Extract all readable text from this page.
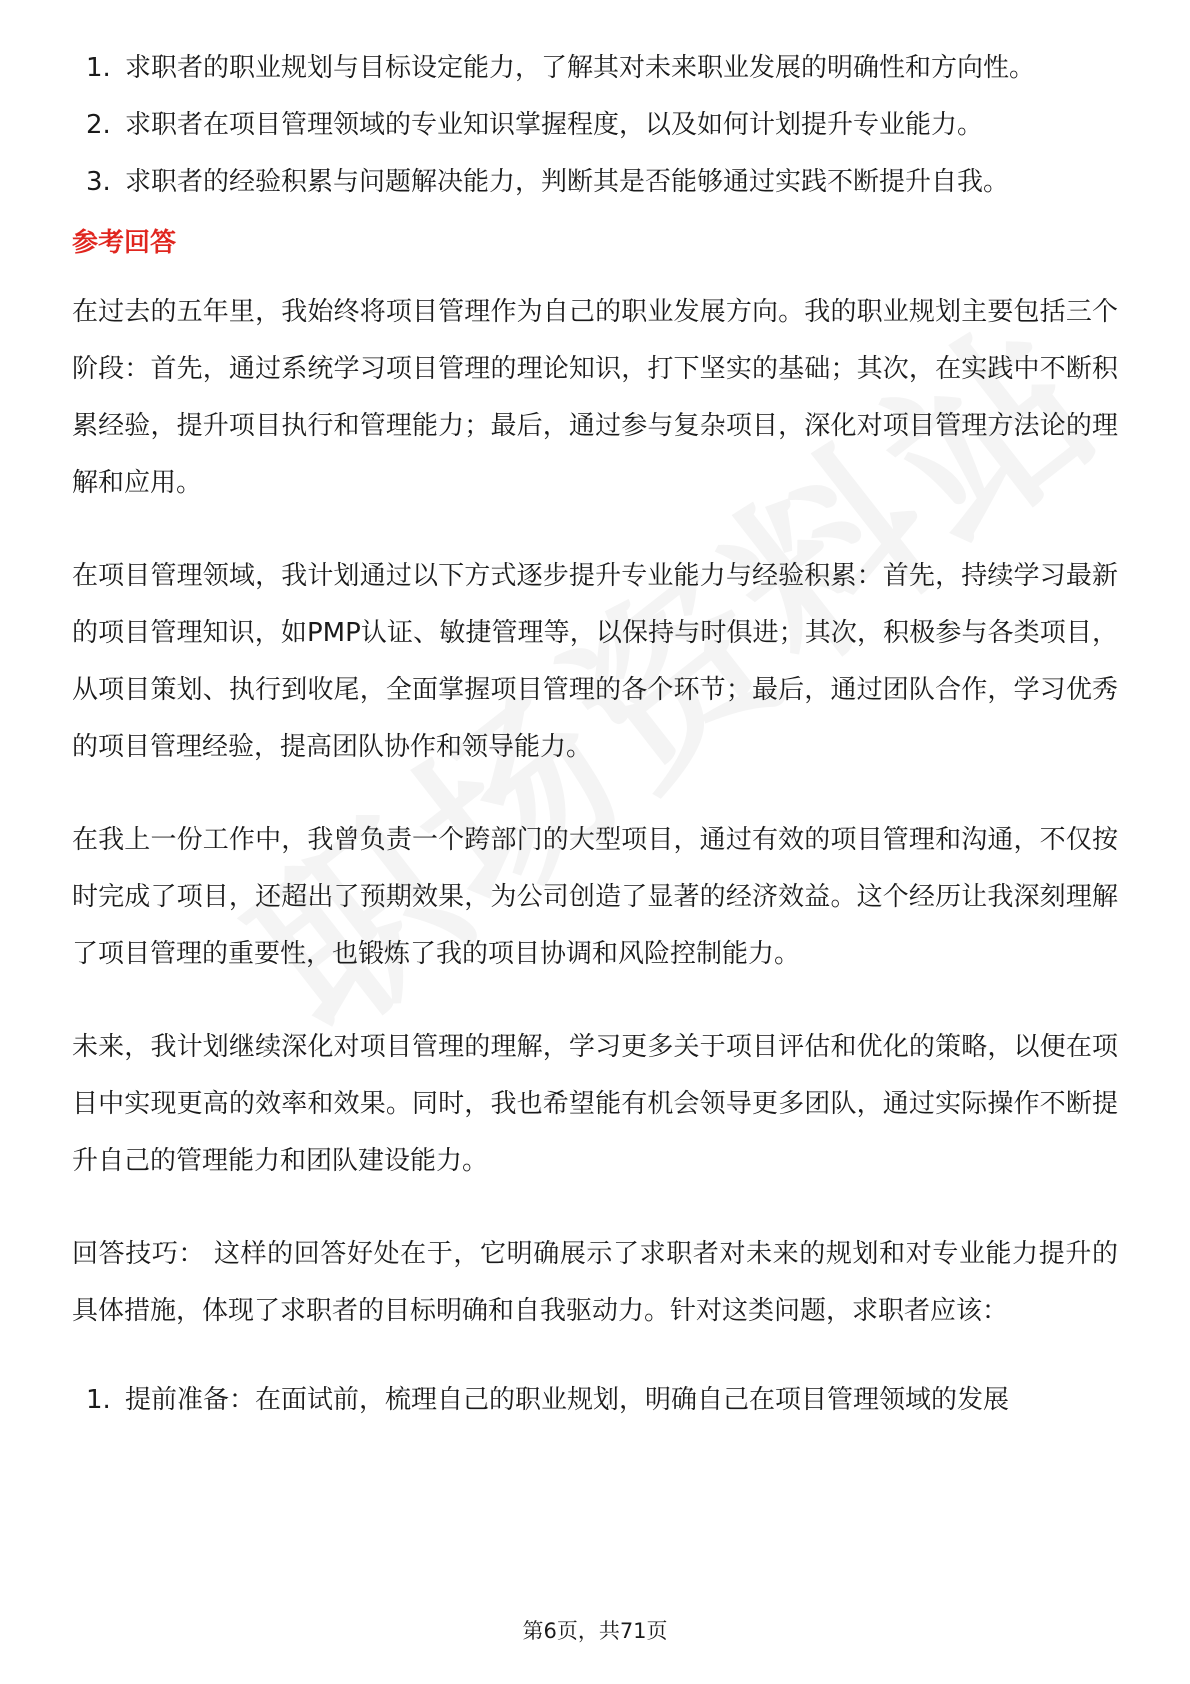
1. 求职者的职业规划与目标设定能力，了解其对未来职业发展的明确性和方向性。
2. 求职者在项目管理领域的专业知识掌握程度，以及如何计划提升专业能力。
3. 求职者的经验积累与问题解决能力，判断其是否能够通过实践不断提升自我。
参考回答

在过去的五年里，我始终将项目管理作为自己的职业发展方向。我的职业规划主要包括三个阶段：首先，通过系统学习项目管理的理论知识，打下坚实的基础；其次，在实践中不断积累经验，提升项目执行和管理能力；最后，通过参与复杂项目，深化对项目管理方法论的理解和应用。

在项目管理领域，我计划通过以下方式逐步提升专业能力与经验积累：首先，持续学习最新的项目管理知识，如PMP认证、敏捷管理等，以保持与时俱进；其次，积极参与各类项目，从项目策划、执行到收尾，全面掌握项目管理的各个环节；最后，通过团队合作，学习优秀的项目管理经验，提高团队协作和领导能力。

在我上一份工作中，我曾负责一个跨部门的大型项目，通过有效的项目管理和沟通，不仅按时完成了项目，还超出了预期效果，为公司创造了显著的经济效益。这个经历让我深刻理解了项目管理的重要性，也锻炼了我的项目协调和风险控制能力。

未来，我计划继续深化对项目管理的理解，学习更多关于项目评估和优化的策略，以便在项目中实现更高的效率和效果。同时，我也希望能有机会领导更多团队，通过实际操作不断提升自己的管理能力和团队建设能力。

回答技巧： 这样的回答好处在于，它明确展示了求职者对未来的规划和对专业能力提升的具体措施，体现了求职者的目标明确和自我驱动力。针对这类问题，求职者应该：

1. 提前准备：在面试前，梳理自己的职业规划，明确自己在项目管理领域的发展
第6页，共71页
